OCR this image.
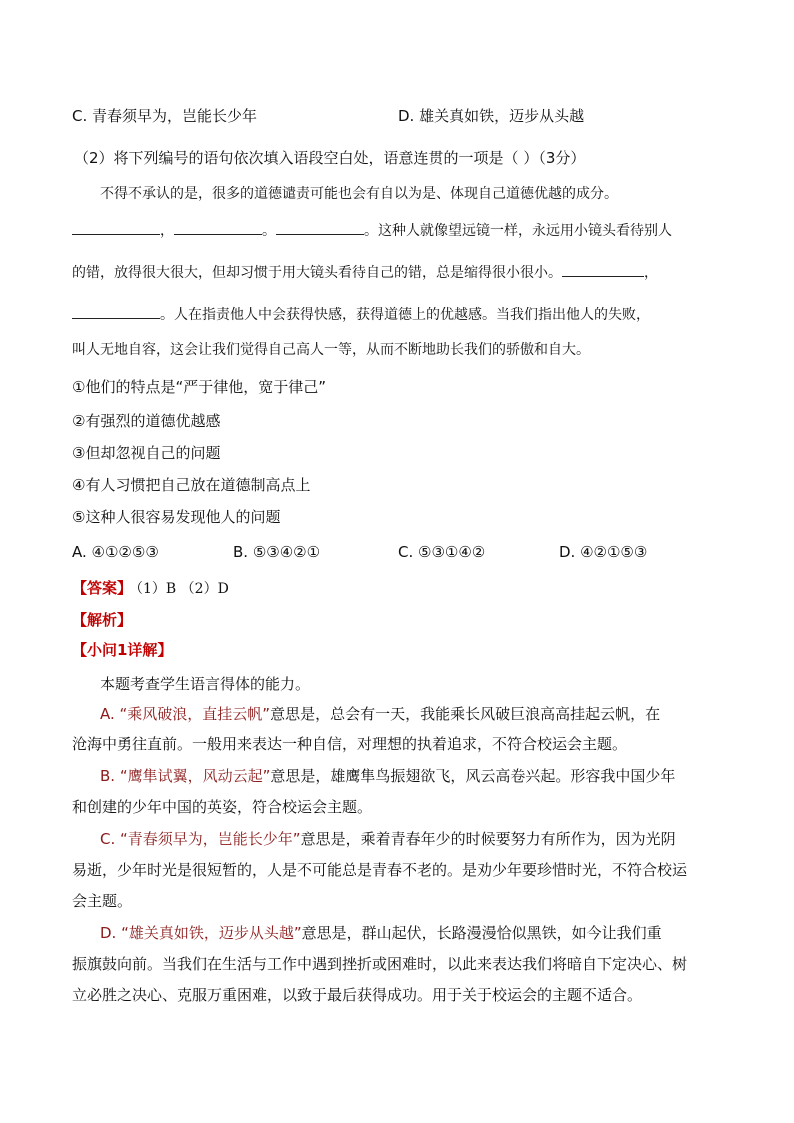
C. 青春须早为，岂能长少年	D. 雄关真如铁，迈步从头越
（2）将下列编号的语句依次填入语段空白处，语意连贯的一项是（ ）（3分）
不得不承认的是，很多的道德谴责可能也会有自以为是、体现自己道德优越的成分。
，	。	。这种人就像望远镜一样，永远用小镜头看待别人
的错，放得很大很大，但却习惯于用大镜头看待自己的错，总是缩得很小很小。	，
。人在指责他人中会获得快感，获得道德上的优越感。当我们指出他人的失败，
叫人无地自容，这会让我们觉得自己高人一等，从而不断地助长我们的骄傲和自大。
①他们的特点是“严于律他，宽于律己”
②有强烈的道德优越感
③但却忽视自己的问题
④有人习惯把自己放在道德制高点上
⑤这种人很容易发现他人的问题
A. ④①②⑤③	B. ⑤③④②①	C. ⑤③①④②	D. ④②①⑤③
【答案】 （1）B （2）D
【解析】
【小问1详解】
本题考查学生语言得体的能力。
A. “乘风破浪，直挂云帆”意思是，总会有一天，我能乘长风破巨浪高高挂起云帆，在
沧海中勇往直前。一般用来表达一种自信，对理想的执着追求，不符合校运会主题。
B. “鹰隼试翼，风动云起”意思是，雄鹰隼鸟振翅欲飞，风云高卷兴起。形容我中国少年
和创建的少年中国的英姿，符合校运会主题。
C. “青春须早为，岂能长少年”意思是，乘着青春年少的时候要努力有所作为，因为光阴
易逝，少年时光是很短暂的，人是不可能总是青春不老的。是劝少年要珍惜时光，不符合校运
会主题。
D. “雄关真如铁，迈步从头越”意思是，群山起伏，长路漫漫恰似黑铁，如今让我们重
振旗鼓向前。当我们在生活与工作中遇到挫折或困难时，以此来表达我们将暗自下定决心、树
立必胜之决心、克服万重困难，以致于最后获得成功。用于关于校运会的主题不适合。
